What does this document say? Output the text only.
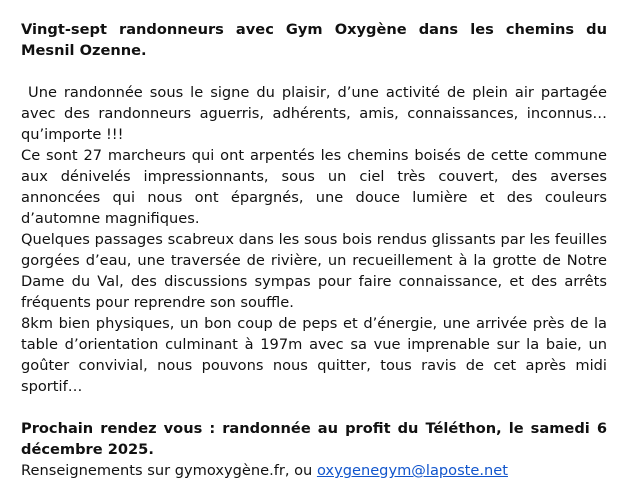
Vingt-sept randonneurs avec Gym Oxygène dans les chemins du Mesnil Ozenne.

Une randonnée sous le signe du plaisir, d’une activité de plein air partagée avec des randonneurs aguerris, adhérents, amis, connaissances, inconnus…qu’importe !!!

Ce sont 27 marcheurs qui ont arpentés les chemins boisés de cette commune aux dénivelés impressionnants, sous un ciel très couvert, des averses annoncées qui nous ont épargnés, une douce lumière et des couleurs d’automne magnifiques.

Quelques passages scabreux dans les sous bois rendus glissants par les feuilles gorgées d’eau, une traversée de rivière, un recueillement à la grotte de Notre Dame du Val, des discussions sympas pour faire connaissance, et des arrêts fréquents pour reprendre son souffle.

8km bien physiques, un bon coup de peps et d’énergie, une arrivée près de la table d’orientation culminant à 197m avec sa vue imprenable sur la baie, un goûter convivial, nous pouvons nous quitter, tous ravis de cet après midi sportif…

Prochain rendez vous : randonnée au profit du Téléthon, le samedi 6 décembre 2025.

Renseignements sur gymoxygène.fr, ou oxygenegym@laposte.net
